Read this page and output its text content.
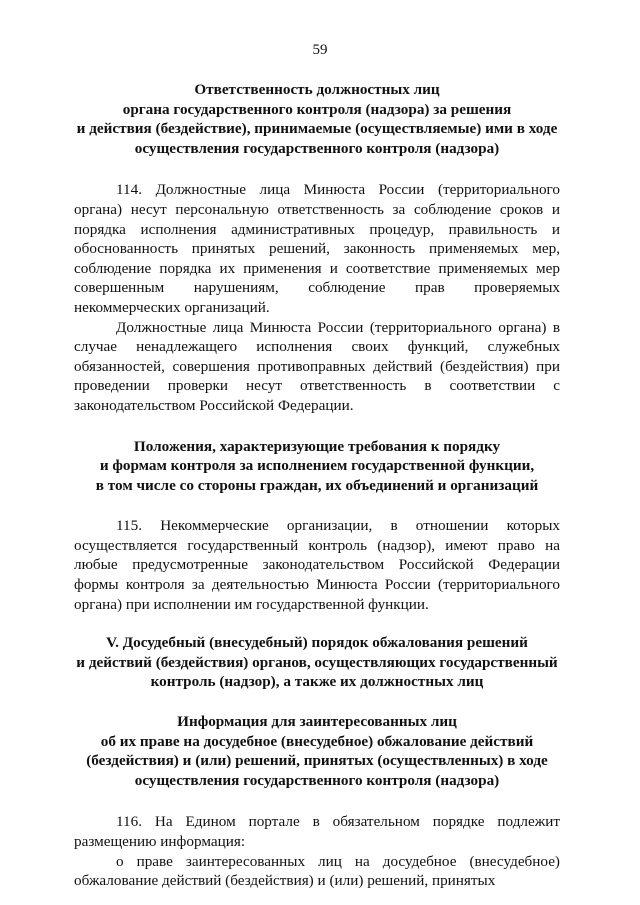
59
Ответственность должностных лиц
органа государственного контроля (надзора) за решения
и действия (бездействие), принимаемые (осуществляемые) ими в ходе
осуществления государственного контроля (надзора)

114. Должностные лица Минюста России (территориального органа) несут персональную ответственность за соблюдение сроков и порядка исполнения административных процедур, правильность и обоснованность принятых решений, законность применяемых мер, соблюдение порядка их применения и соответствие применяемых мер совершенным нарушениям, соблюдение прав проверяемых некоммерческих организаций.

Должностные лица Минюста России (территориального органа) в случае ненадлежащего исполнения своих функций, служебных обязанностей, совершения противоправных действий (бездействия) при проведении проверки несут ответственность в соответствии с законодательством Российской Федерации.

Положения, характеризующие требования к порядку
и формам контроля за исполнением государственной функции,
в том числе со стороны граждан, их объединений и организаций

115. Некоммерческие организации, в отношении которых осуществляется государственный контроль (надзор), имеют право на любые предусмотренные законодательством Российской Федерации формы контроля за деятельностью Минюста России (территориального органа) при исполнении им государственной функции.

V. Досудебный (внесудебный) порядок обжалования решений
и действий (бездействия) органов, осуществляющих государственный
контроль (надзор), а также их должностных лиц
Информация для заинтересованных лиц
об их праве на досудебное (внесудебное) обжалование действий
(бездействия) и (или) решений, принятых (осуществленных) в ходе
осуществления государственного контроля (надзора)

116. На Едином портале в обязательном порядке подлежит размещению информация:

о праве заинтересованных лиц на досудебное (внесудебное) обжалование действий (бездействия) и (или) решений, принятых
